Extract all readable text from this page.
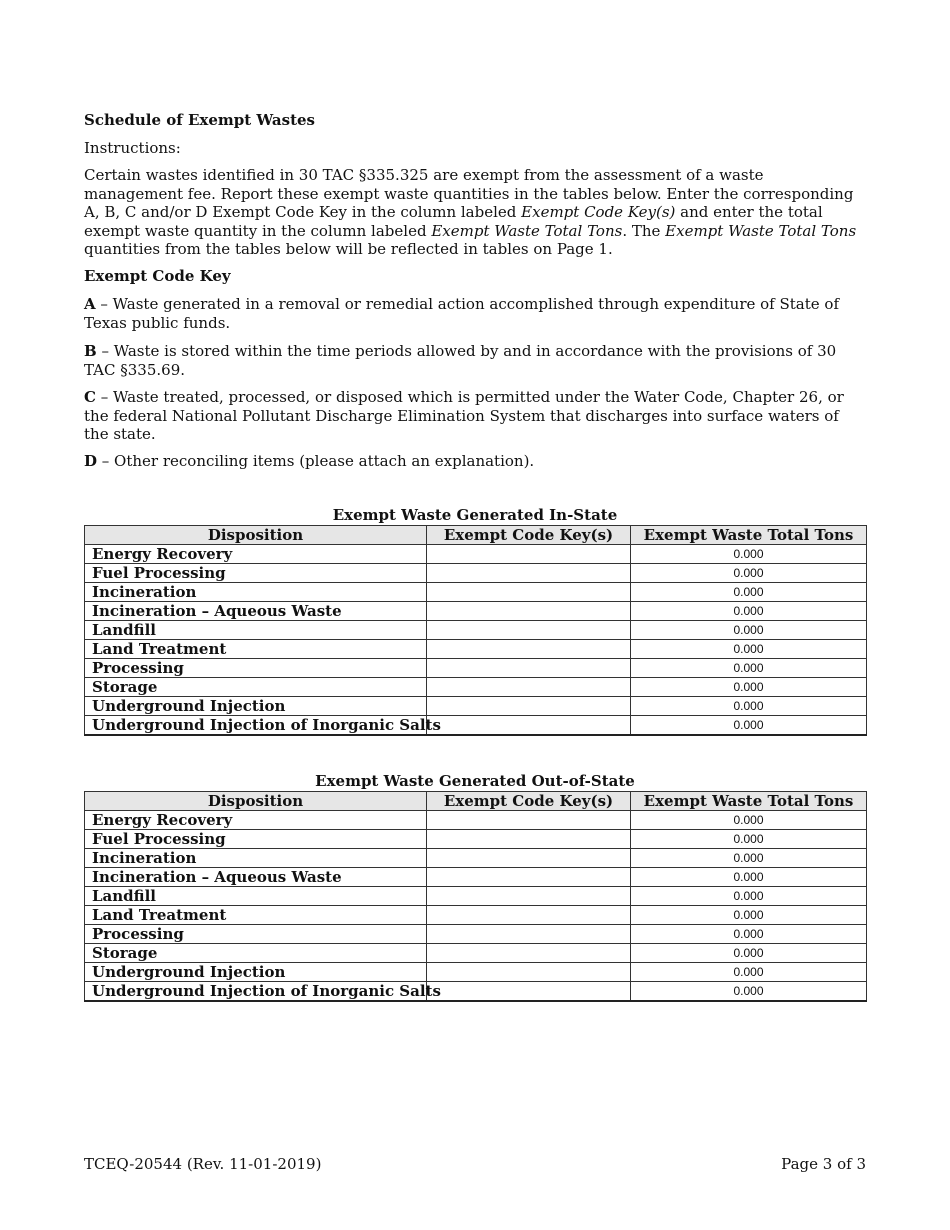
Schedule of Exempt Wastes
Instructions:
Certain wastes identified in 30 TAC §335.325 are exempt from the assessment of a waste management fee. Report these exempt waste quantities in the tables below. Enter the corresponding A, B, C and/or D Exempt Code Key in the column labeled Exempt Code Key(s) and enter the total exempt waste quantity in the column labeled Exempt Waste Total Tons. The Exempt Waste Total Tons quantities from the tables below will be reflected in tables on Page 1.
Exempt Code Key
A – Waste generated in a removal or remedial action accomplished through expenditure of State of Texas public funds.
B – Waste is stored within the time periods allowed by and in accordance with the provisions of 30 TAC §335.69.
C – Waste treated, processed, or disposed which is permitted under the Water Code, Chapter 26, or the federal National Pollutant Discharge Elimination System that discharges into surface waters of the state.
D – Other reconciling items (please attach an explanation).
Exempt Waste Generated In-State
Disposition	Exempt Code Key(s)	Exempt Waste Total Tons
Energy Recovery		0.000
Fuel Processing		0.000
Incineration		0.000
Incineration – Aqueous Waste		0.000
Landfill		0.000
Land Treatment		0.000
Processing		0.000
Storage		0.000
Underground Injection		0.000
Underground Injection of Inorganic Salts		0.000
Exempt Waste Generated Out-of-State
Disposition	Exempt Code Key(s)	Exempt Waste Total Tons
Energy Recovery		0.000
Fuel Processing		0.000
Incineration		0.000
Incineration – Aqueous Waste		0.000
Landfill		0.000
Land Treatment		0.000
Processing		0.000
Storage		0.000
Underground Injection		0.000
Underground Injection of Inorganic Salts		0.000
TCEQ-20544 (Rev. 11-01-2019)	Page 3 of 3
